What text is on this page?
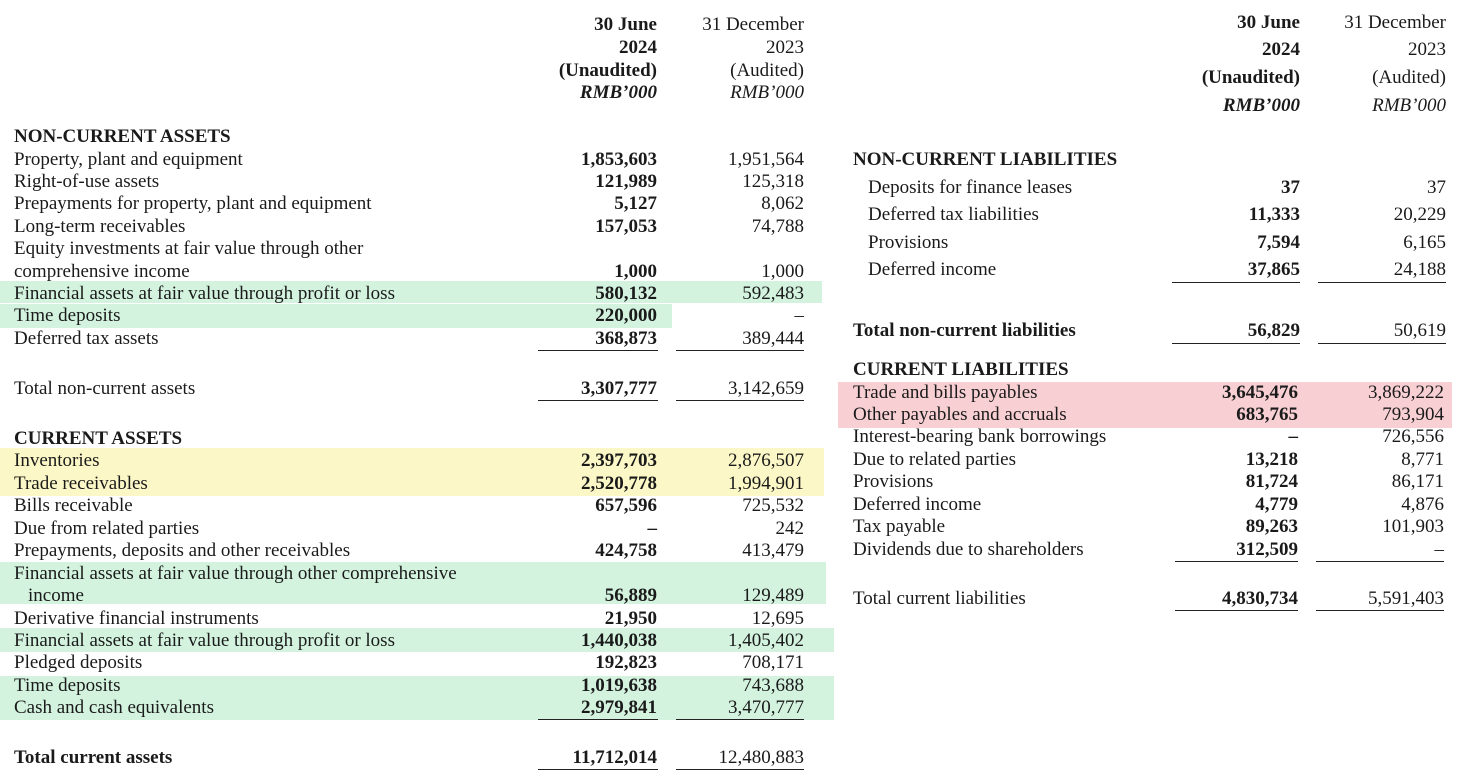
30 June
2024
(Unaudited)
RMB’000
31 December
2023
(Audited)
RMB’000
NON-CURRENT ASSETS
Property, plant and equipment	1,853,603	1,951,564
Right-of-use assets	121,989	125,318
Prepayments for property, plant and equipment	5,127	8,062
Long-term receivables	157,053	74,788
Equity investments at fair value through other
comprehensive income	1,000	1,000
Financial assets at fair value through profit or loss	580,132	592,483
Time deposits	220,000	–
Deferred tax assets	368,873	389,444
Total non-current assets	3,307,777	3,142,659
CURRENT ASSETS
Inventories	2,397,703	2,876,507
Trade receivables	2,520,778	1,994,901
Bills receivable	657,596	725,532
Due from related parties	–	242
Prepayments, deposits and other receivables	424,758	413,479
Financial assets at fair value through other comprehensive
income	56,889	129,489
Derivative financial instruments	21,950	12,695
Financial assets at fair value through profit or loss	1,440,038	1,405,402
Pledged deposits	192,823	708,171
Time deposits	1,019,638	743,688
Cash and cash equivalents	2,979,841	3,470,777
Total current assets	11,712,014	12,480,883
30 June
2024
(Unaudited)
RMB’000
31 December
2023
(Audited)
RMB’000
NON-CURRENT LIABILITIES
Deposits for finance leases	37	37
Deferred tax liabilities	11,333	20,229
Provisions	7,594	6,165
Deferred income	37,865	24,188
Total non-current liabilities	56,829	50,619
CURRENT LIABILITIES
Trade and bills payables	3,645,476	3,869,222
Other payables and accruals	683,765	793,904
Interest-bearing bank borrowings	–	726,556
Due to related parties	13,218	8,771
Provisions	81,724	86,171
Deferred income	4,779	4,876
Tax payable	89,263	101,903
Dividends due to shareholders	312,509	–
Total current liabilities	4,830,734	5,591,403
